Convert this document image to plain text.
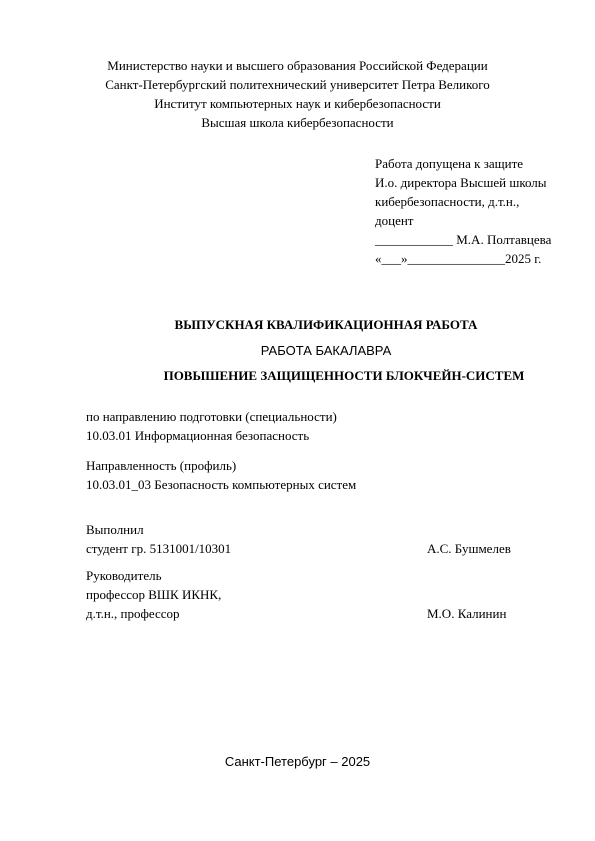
Министерство науки и высшего образования Российской Федерации
Санкт-Петербургский политехнический университет Петра Великого
Институт компьютерных наук и кибербезопасности
Высшая школа кибербезопасности
Работа допущена к защите
И.о. директора Высшей школы
кибербезопасности, д.т.н.,
доцент
____________ М.А. Полтавцева
«___»_______________2025 г.
ВЫПУСКНАЯ КВАЛИФИКАЦИОННАЯ РАБОТА
РАБОТА БАКАЛАВРА
ПОВЫШЕНИЕ ЗАЩИЩЕННОСТИ БЛОКЧЕЙН-СИСТЕМ
по направлению подготовки (специальности)
10.03.01 Информационная безопасность
Направленность (профиль)
10.03.01_03 Безопасность компьютерных систем
Выполнил
студент гр. 5131001/10301	А.С. Бушмелев
Руководитель
профессор ВШК ИКНК,
д.т.н., профессор	М.О. Калинин
Санкт-Петербург – 2025
